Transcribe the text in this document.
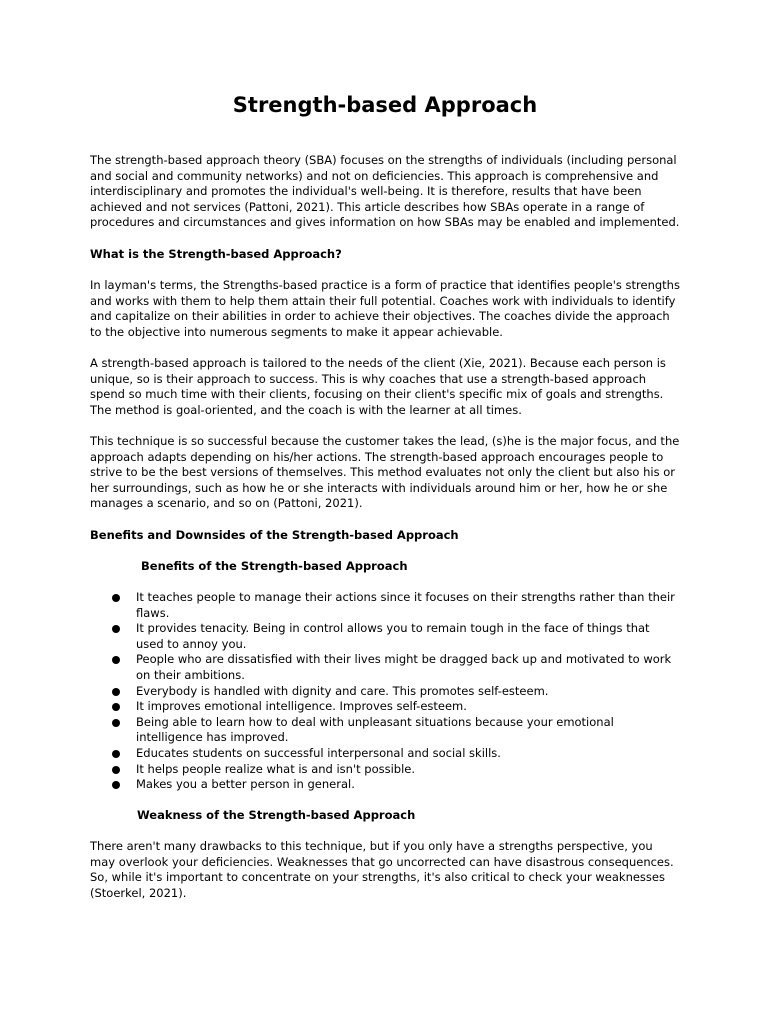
Strength-based Approach

The strength-based approach theory (SBA) focuses on the strengths of individuals (including personal and social and community networks) and not on deficiencies. This approach is comprehensive and interdisciplinary and promotes the individual's well-being. It is therefore, results that have been achieved and not services (Pattoni, 2021). This article describes how SBAs operate in a range of procedures and circumstances and gives information on how SBAs may be enabled and implemented.

What is the Strength-based Approach?

In layman's terms, the Strengths-based practice is a form of practice that identifies people's strengths and works with them to help them attain their full potential. Coaches work with individuals to identify and capitalize on their abilities in order to achieve their objectives. The coaches divide the approach to the objective into numerous segments to make it appear achievable.

A strength-based approach is tailored to the needs of the client (Xie, 2021). Because each person is unique, so is their approach to success. This is why coaches that use a strength-based approach spend so much time with their clients, focusing on their client's specific mix of goals and strengths. The method is goal-oriented, and the coach is with the learner at all times.

This technique is so successful because the customer takes the lead, (s)he is the major focus, and the approach adapts depending on his/her actions. The strength-based approach encourages people to strive to be the best versions of themselves. This method evaluates not only the client but also his or her surroundings, such as how he or she interacts with individuals around him or her, how he or she manages a scenario, and so on (Pattoni, 2021).

Benefits and Downsides of the Strength-based Approach

Benefits of the Strength-based Approach

It teaches people to manage their actions since it focuses on their strengths rather than their flaws.
It provides tenacity. Being in control allows you to remain tough in the face of things that used to annoy you.
People who are dissatisfied with their lives might be dragged back up and motivated to work on their ambitions.
Everybody is handled with dignity and care. This promotes self-esteem.
It improves emotional intelligence. Improves self-esteem.
Being able to learn how to deal with unpleasant situations because your emotional intelligence has improved.
Educates students on successful interpersonal and social skills.
It helps people realize what is and isn't possible.
Makes you a better person in general.

Weakness of the Strength-based Approach

There aren't many drawbacks to this technique, but if you only have a strengths perspective, you may overlook your deficiencies. Weaknesses that go uncorrected can have disastrous consequences. So, while it's important to concentrate on your strengths, it's also critical to check your weaknesses (Stoerkel, 2021).
